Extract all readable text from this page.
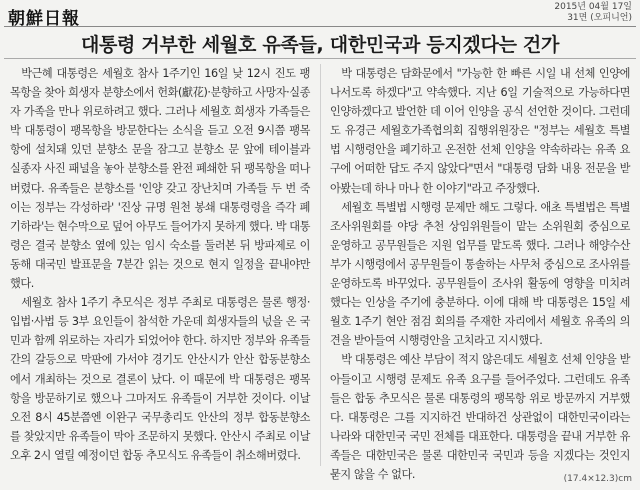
朝鮮日報
2015년 04월 17일
31면 (오피니언)
대통령 거부한 세월호 유족들, 대한민국과 등지겠다는 건가

박근혜 대통령은 세월호 참사 1주기인 16일 낮 12시 진도 팽목항을 찾아 희생자 분향소에서 헌화(獻花)·분향하고 사망자·실종자 가족을 만나 위로하려고 했다. 그러나 세월호 희생자 가족들은 박 대통령이 팽목항을 방문한다는 소식을 듣고 오전 9시쯤 팽목항에 설치돼 있던 분향소 문을 잠그고 분향소 문 앞에 테이블과 실종자 사진 패널을 놓아 분향소를 완전 폐쇄한 뒤 팽목항을 떠나버렸다. 유족들은 분향소를 '인양 갖고 장난치며 가족들 두 번 죽이는 정부는 각성하라' '진상 규명 원천 봉쇄 대통령령을 즉각 폐기하라'는 현수막으로 덮어 아무도 들어가지 못하게 했다. 박 대통령은 결국 분향소 옆에 있는 임시 숙소를 둘러본 뒤 방파제로 이동해 대국민 발표문을 7분간 읽는 것으로 현지 일정을 끝내야만 했다.

세월호 참사 1주기 추모식은 정부 주최로 대통령은 물론 행정·입법·사법 등 3부 요인들이 참석한 가운데 희생자들의 넋을 온 국민과 함께 위로하는 자리가 되었어야 한다. 하지만 정부와 유족들 간의 갈등으로 막판에 가서야 경기도 안산시가 안산 합동분향소에서 개최하는 것으로 결론이 났다. 이 때문에 박 대통령은 팽목항을 방문하기로 했으나 그마저도 유족들이 거부한 것이다. 이날 오전 8시 45분쯤엔 이완구 국무총리도 안산의 정부 합동분향소를 찾았지만 유족들이 막아 조문하지 못했다. 안산시 주최로 이날 오후 2시 열릴 예정이던 합동 추모식도 유족들이 취소해버렸다.

박 대통령은 담화문에서 "가능한 한 빠른 시일 내 선체 인양에 나서도록 하겠다"고 약속했다. 지난 6일 기술적으로 가능하다면 인양하겠다고 발언한 데 이어 인양을 공식 선언한 것이다. 그런데도 유경근 세월호가족협의회 집행위원장은 "정부는 세월호 특별법 시행령안을 폐기하고 온전한 선체 인양을 약속하라는 유족 요구에 어떠한 답도 주지 않았다"면서 "대통령 담화 내용 전문을 받아봤는데 하나 마나 한 이야기"라고 주장했다.

세월호 특별법 시행령 문제만 해도 그렇다. 애초 특별법은 특별조사위원회를 야당 추천 상임위원들이 맡는 소위원회 중심으로 운영하고 공무원들은 지원 업무를 맡도록 했다. 그러나 해양수산부가 시행령에서 공무원들이 통솔하는 사무처 중심으로 조사위를 운영하도록 바꾸었다. 공무원들이 조사위 활동에 영향을 미치려 했다는 인상을 주기에 충분하다. 이에 대해 박 대통령은 15일 세월호 1주기 현안 점검 회의를 주재한 자리에서 세월호 유족의 의견을 받아들여 시행령안을 고치라고 지시했다.

박 대통령은 예산 부담이 적지 않은데도 세월호 선체 인양을 받아들이고 시행령 문제도 유족 요구를 들어주었다. 그런데도 유족들은 합동 추모식은 물론 대통령의 팽목항 위로 방문까지 거부했다. 대통령은 그를 지지하건 반대하건 상관없이 대한민국이라는 나라와 대한민국 국민 전체를 대표한다. 대통령을 끝내 거부한 유족들은 대한민국은 물론 대한민국 국민과 등을 지겠다는 것인지 묻지 않을 수 없다.	(17.4×12.3)cm
